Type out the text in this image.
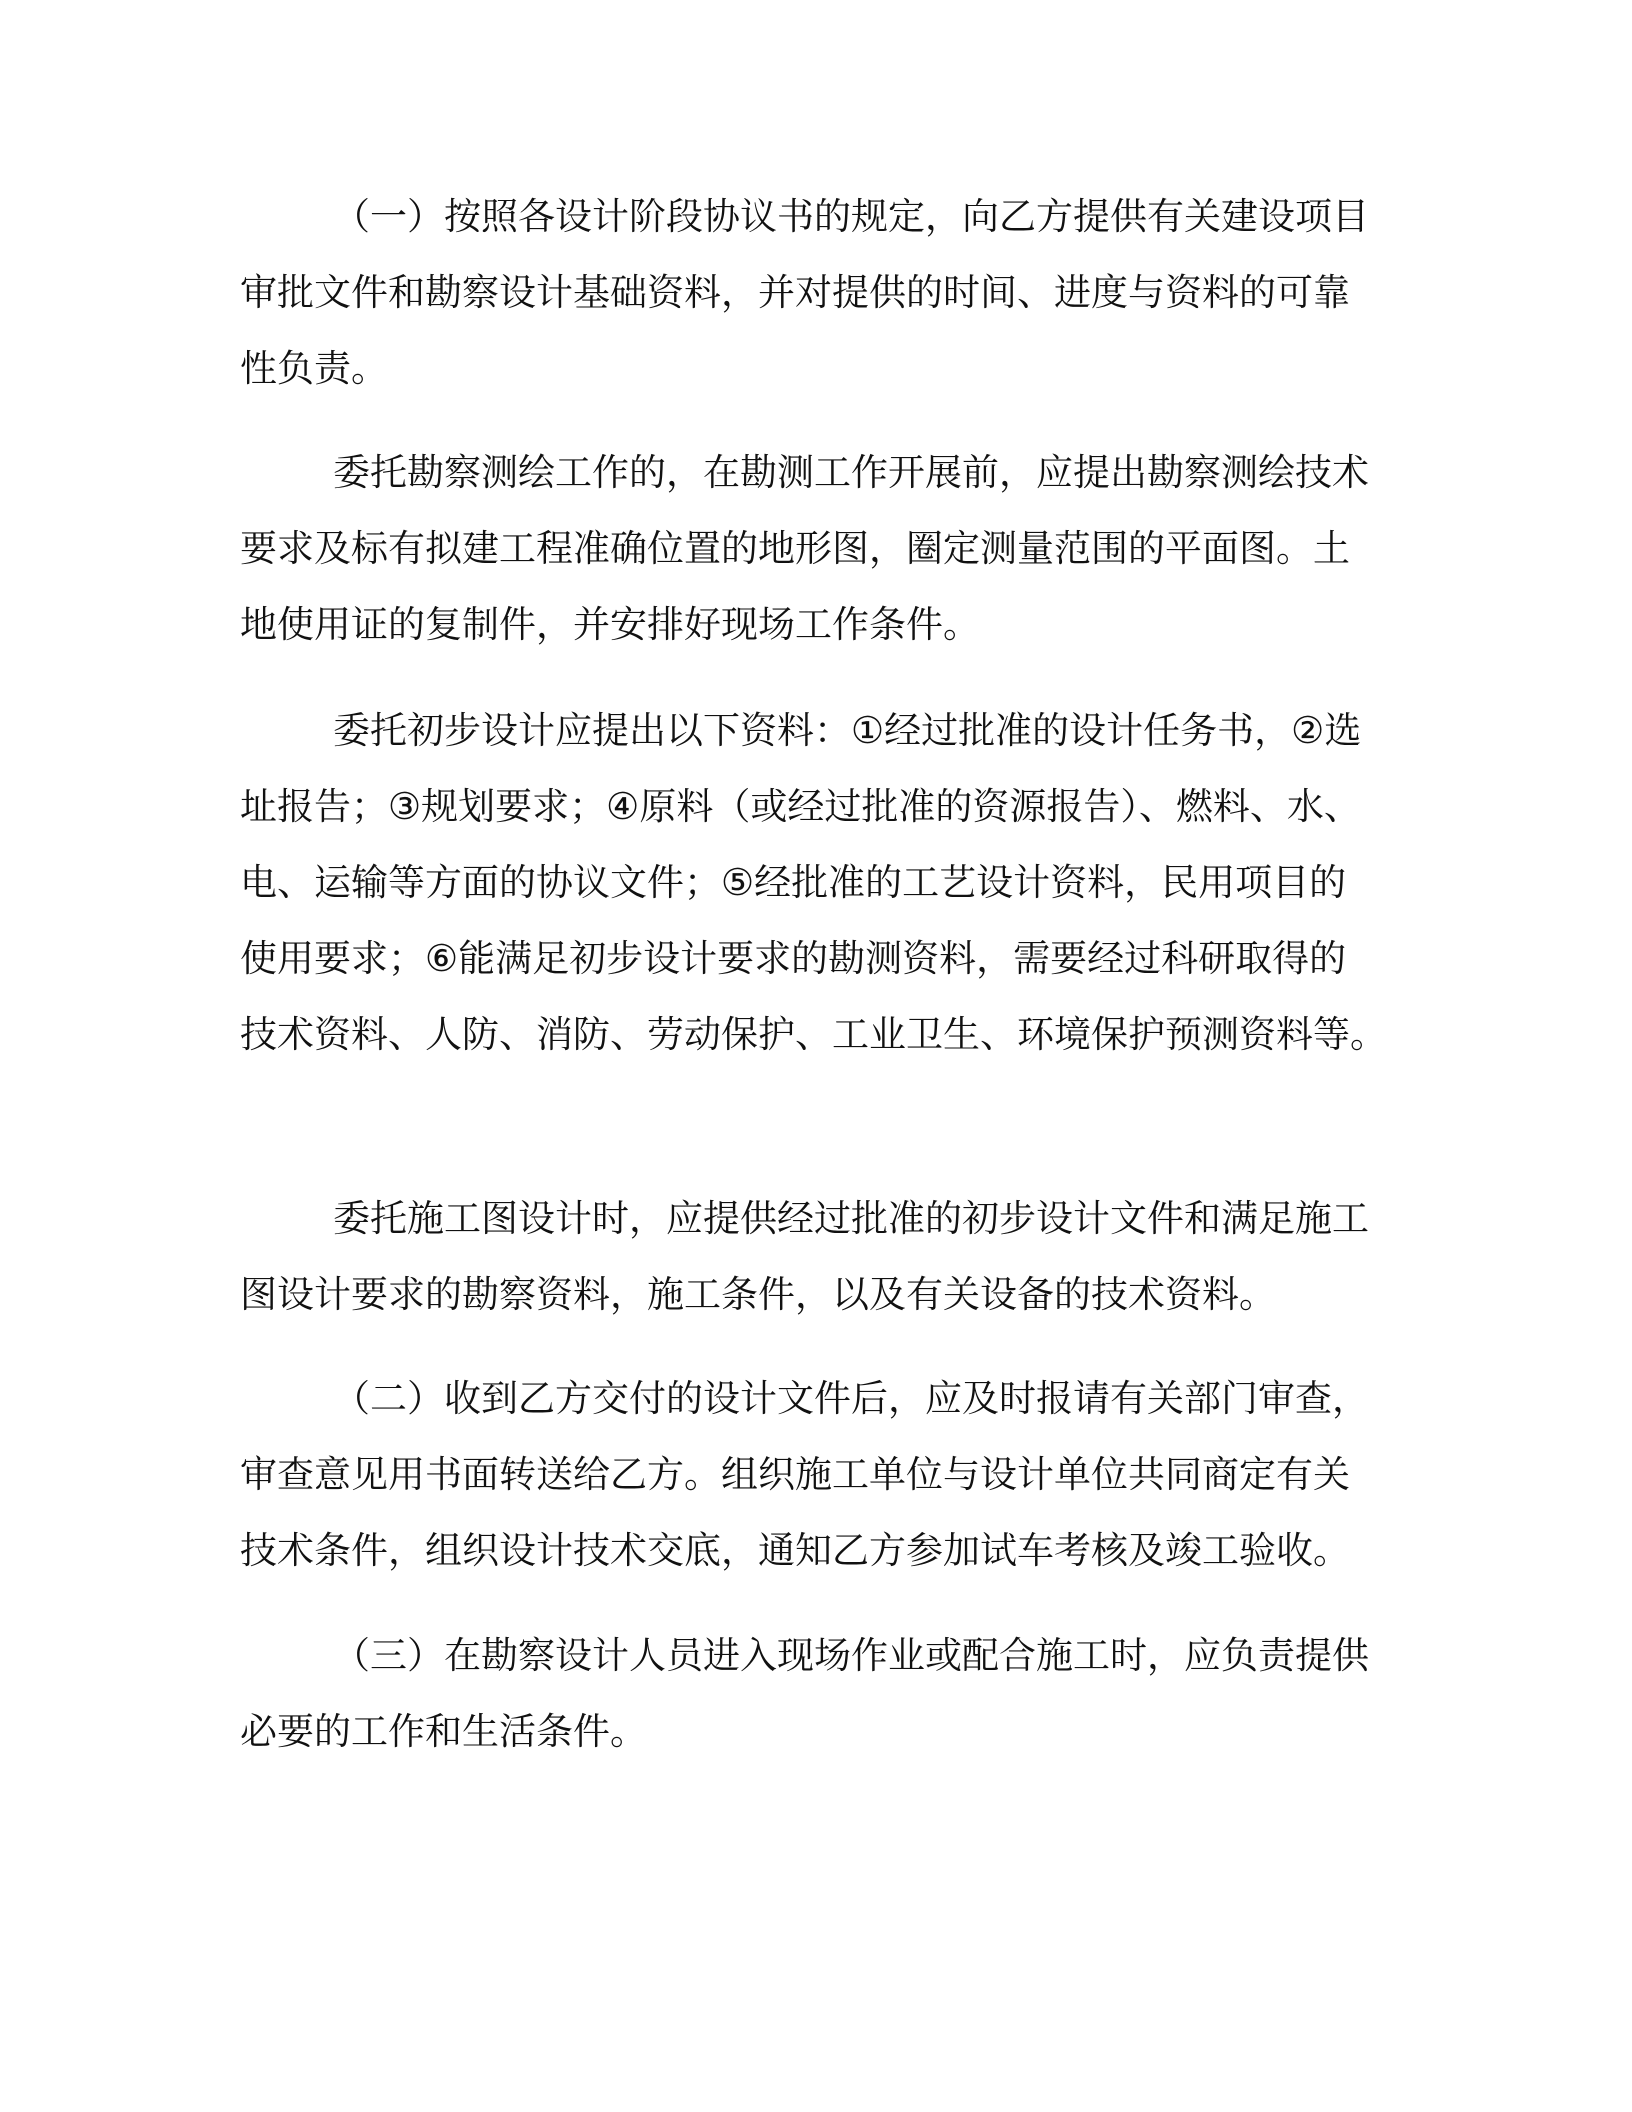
（一）按照各设计阶段协议书的规定，向乙方提供有关建设项目
审批文件和勘察设计基础资料，并对提供的时间、进度与资料的可靠
性负责。
委托勘察测绘工作的，在勘测工作开展前，应提出勘察测绘技术
要求及标有拟建工程准确位置的地形图，圈定测量范围的平面图。土
地使用证的复制件，并安排好现场工作条件。
委托初步设计应提出以下资料：①经过批准的设计任务书，②选
址报告；③规划要求；④原料（或经过批准的资源报告）、燃料、水、
电、运输等方面的协议文件；⑤经批准的工艺设计资料，民用项目的
使用要求；⑥能满足初步设计要求的勘测资料，需要经过科研取得的
技术资料、人防、消防、劳动保护、工业卫生、环境保护预测资料等。
委托施工图设计时，应提供经过批准的初步设计文件和满足施工
图设计要求的勘察资料，施工条件，以及有关设备的技术资料。
（二）收到乙方交付的设计文件后，应及时报请有关部门审查，
审查意见用书面转送给乙方。组织施工单位与设计单位共同商定有关
技术条件，组织设计技术交底，通知乙方参加试车考核及竣工验收。
（三）在勘察设计人员进入现场作业或配合施工时，应负责提供
必要的工作和生活条件。
